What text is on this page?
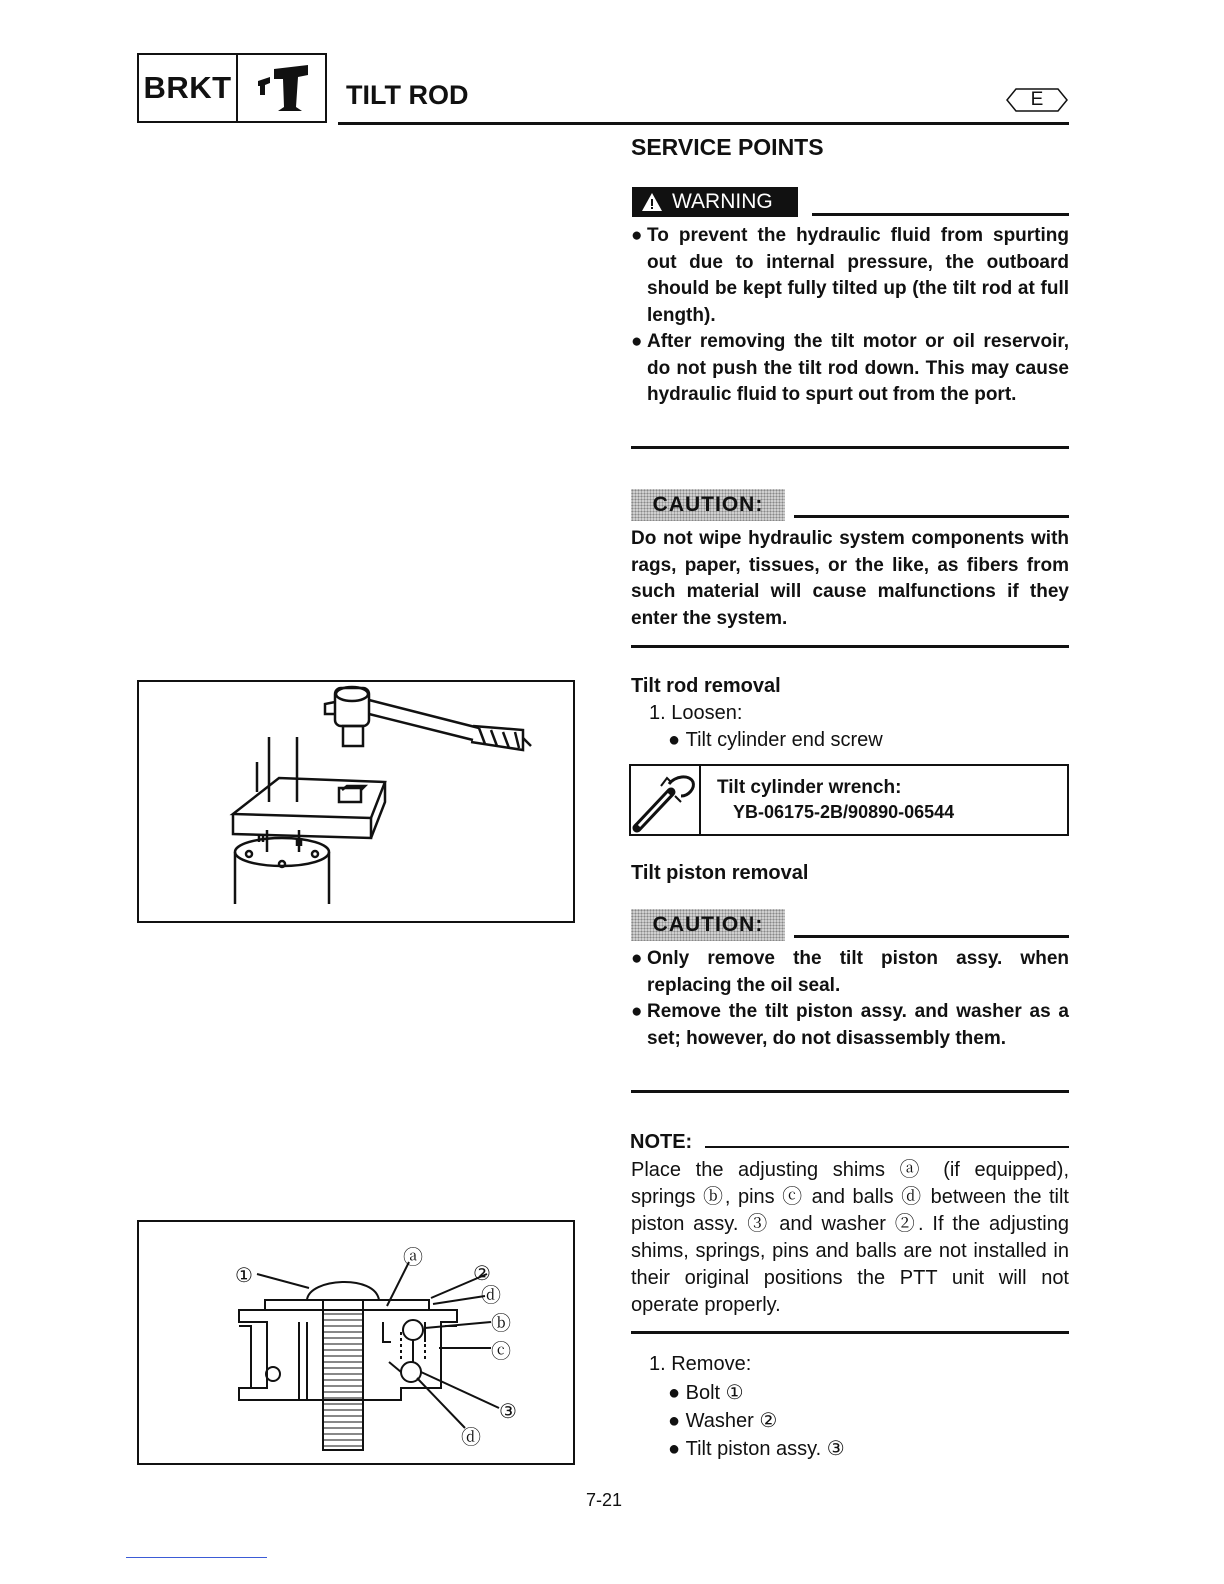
BRKT	TILT ROD	E
SERVICE POINTS
WARNING
● To prevent the hydraulic fluid from spurting out due to internal pressure, the outboard should be kept fully tilted up (the tilt rod at full length).
● After removing the tilt motor or oil reservoir, do not push the tilt rod down. This may cause hydraulic fluid to spurt out from the port.
CAUTION:
Do not wipe hydraulic system components with rags, paper, tissues, or the like, as fibers from such material will cause malfunctions if they enter the system.
Tilt rod removal
1. Loosen:
● Tilt cylinder end screw
Tilt cylinder wrench:
YB-06175-2B/90890-06544
Tilt piston removal
CAUTION:
● Only remove the tilt piston assy. when replacing the oil seal.
● Remove the tilt piston assy. and washer as a set; however, do not disassembly them.
NOTE:
Place the adjusting shims ⓐ (if equipped), springs ⓑ, pins ⓒ and balls ⓓ between the tilt piston assy. ③ and washer ②. If the adjusting shims, springs, pins and balls are not installed in their original positions the PTT unit will not operate properly.
1. Remove:
● Bolt ①
● Washer ②
● Tilt piston assy. ③
①
ⓐ
②
ⓓ
ⓑ
ⓒ
③
ⓓ
7-21
